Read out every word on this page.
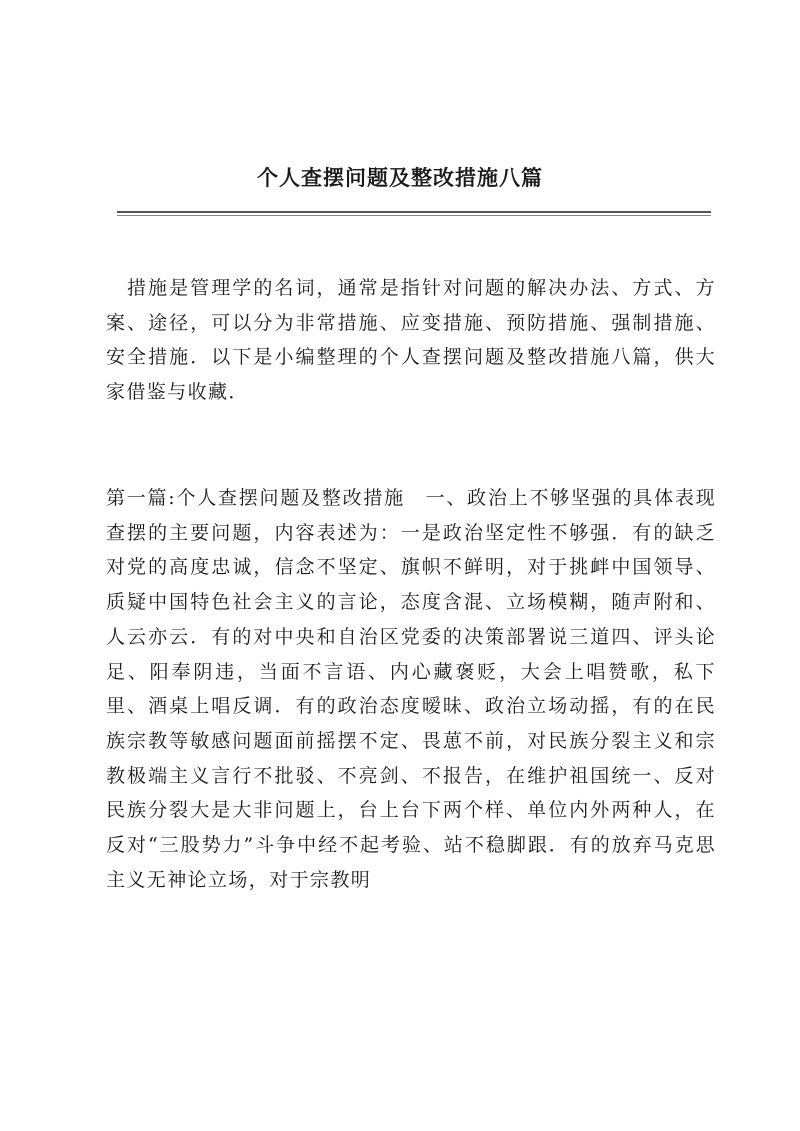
个人查摆问题及整改措施八篇

措施是管理学的名词，通常是指针对问题的解决办法、方式、方案、途径，可以分为非常措施、应变措施、预防措施、强制措施、安全措施．以下是小编整理的个人查摆问题及整改措施八篇，供大家借鉴与收藏．

第一篇:个人查摆问题及整改措施　一、政治上不够坚强的具体表现　查摆的主要问题，内容表述为：一是政治坚定性不够强．有的缺乏对党的高度忠诚，信念不坚定、旗帜不鲜明，对于挑衅中国领导、质疑中国特色社会主义的言论，态度含混、立场模糊，随声附和、人云亦云．有的对中央和自治区党委的决策部署说三道四、评头论足、阳奉阴违，当面不言语、内心藏褒贬，大会上唱赞歌，私下里、酒桌上唱反调．有的政治态度暧昧、政治立场动摇，有的在民族宗教等敏感问题面前摇摆不定、畏葸不前，对民族分裂主义和宗教极端主义言行不批驳、不亮剑、不报告，在维护祖国统一、反对民族分裂大是大非问题上，台上台下两个样、单位内外两种人，在反对“三股势力”斗争中经不起考验、站不稳脚跟．有的放弃马克思主义无神论立场，对于宗教明
